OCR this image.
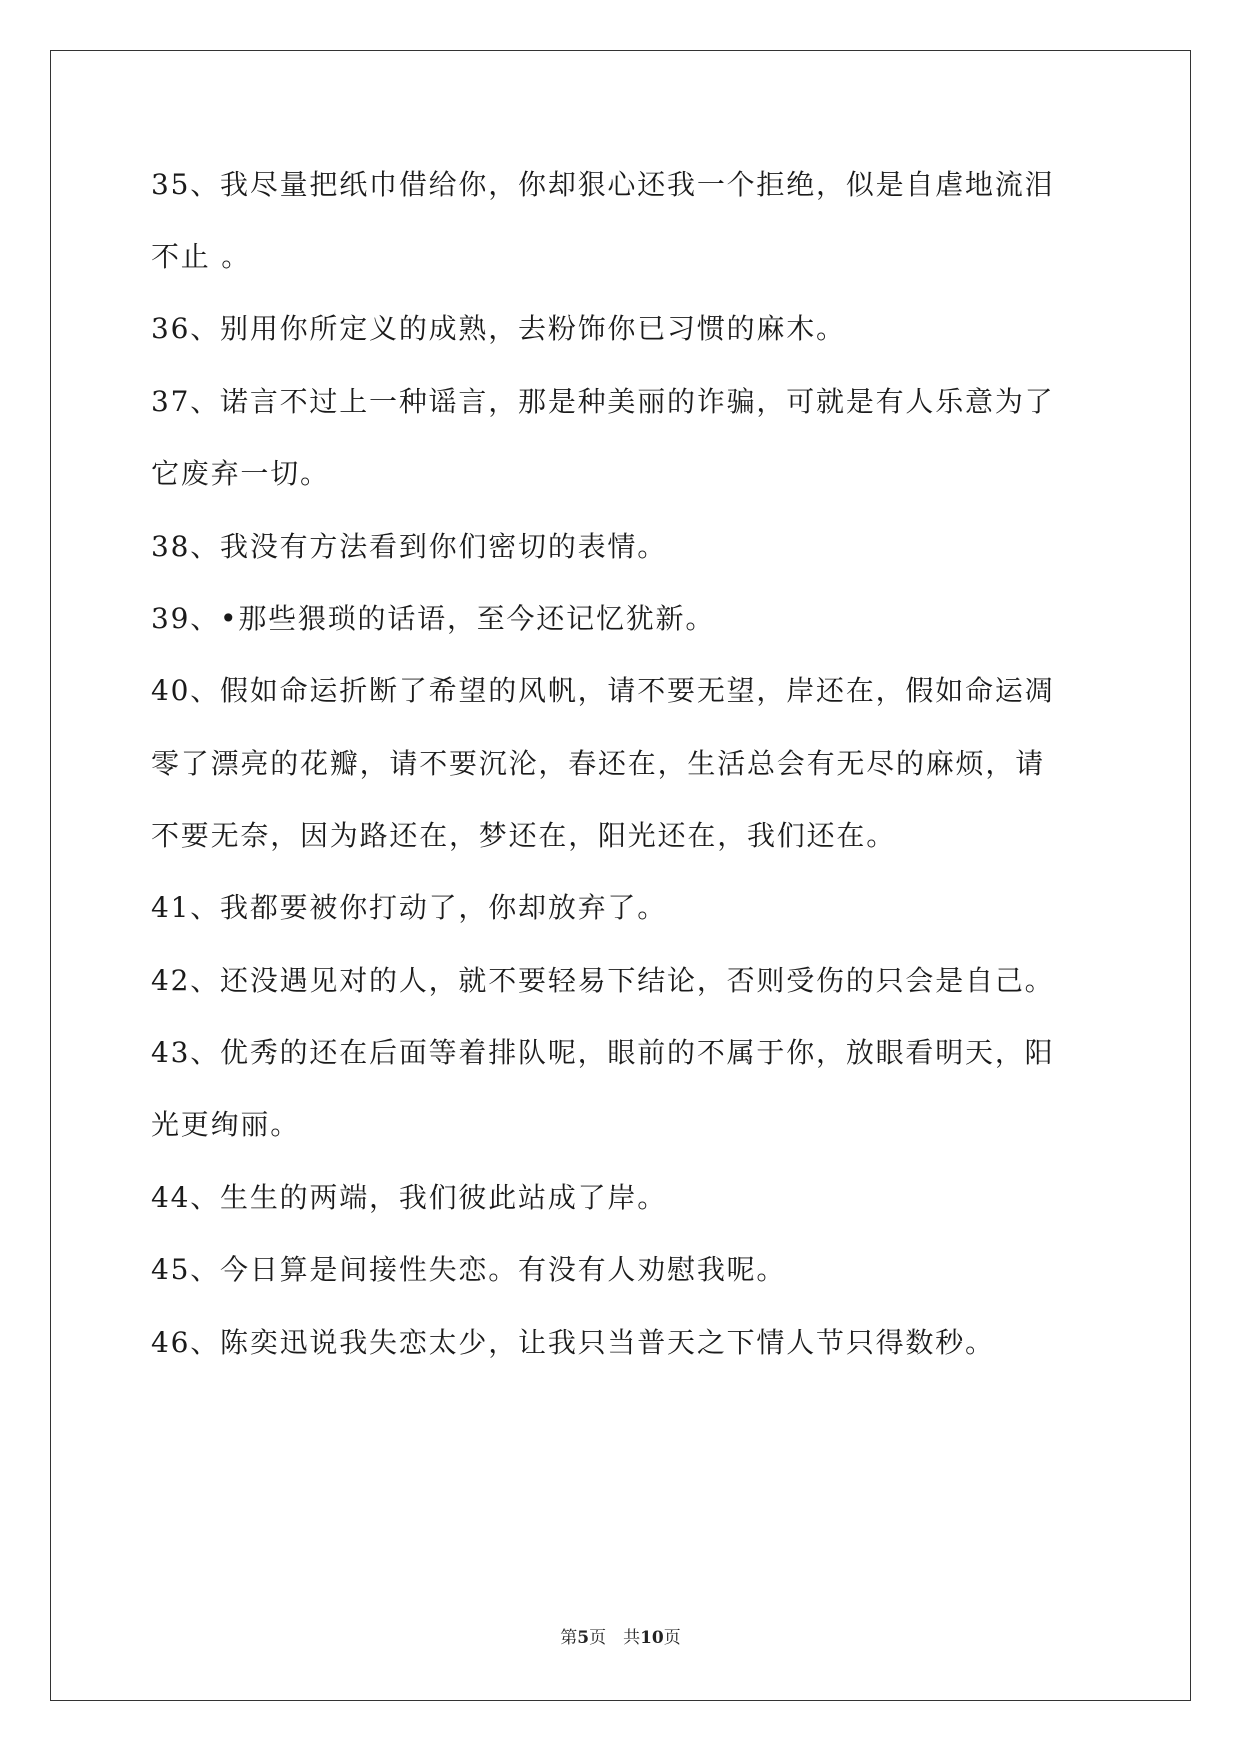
35、我尽量把纸巾借给你，你却狠心还我一个拒绝，似是自虐地流泪
不止 。
36、别用你所定义的成熟，去粉饰你已习惯的麻木。
37、诺言不过上一种谣言，那是种美丽的诈骗，可就是有人乐意为了
它废弃一切。
38、我没有方法看到你们密切的表情。
39、•那些猥琐的话语，至今还记忆犹新。
40、假如命运折断了希望的风帆，请不要无望，岸还在，假如命运凋
零了漂亮的花瓣，请不要沉沦，春还在，生活总会有无尽的麻烦，请
不要无奈，因为路还在，梦还在，阳光还在，我们还在。
41、我都要被你打动了，你却放弃了。
42、还没遇见对的人，就不要轻易下结论，否则受伤的只会是自己。
43、优秀的还在后面等着排队呢，眼前的不属于你，放眼看明天，阳
光更绚丽。
44、生生的两端，我们彼此站成了岸。
45、今日算是间接性失恋。有没有人劝慰我呢。
46、陈奕迅说我失恋太少，让我只当普天之下情人节只得数秒。
第5页　共10页
